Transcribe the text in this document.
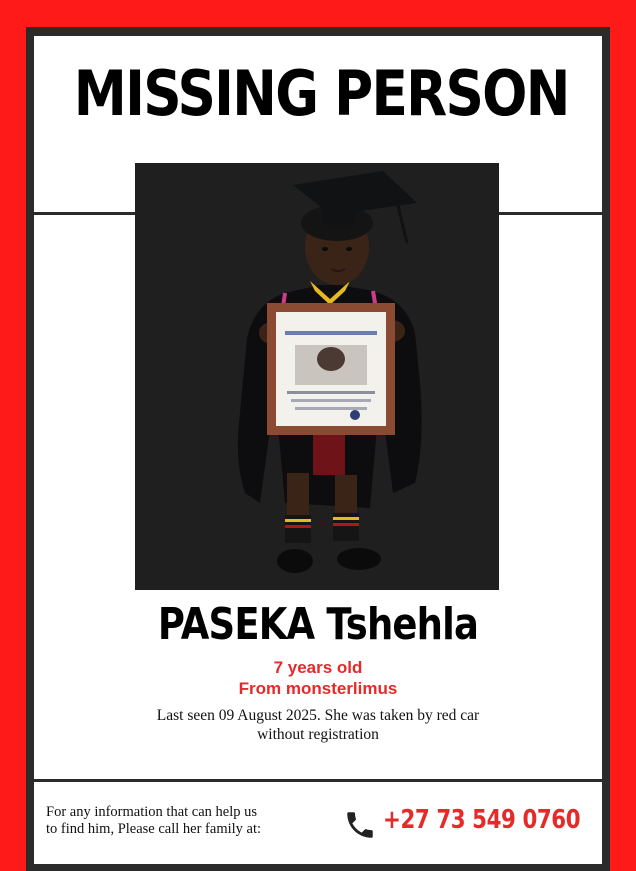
MISSING PERSON
PASEKA Tshehla
7 years old
From monsterlimus
Last seen 09 August 2025. She was taken by red car
without registration
For any information that can help us
to find him, Please call her family at:	+27 73 549 0760
